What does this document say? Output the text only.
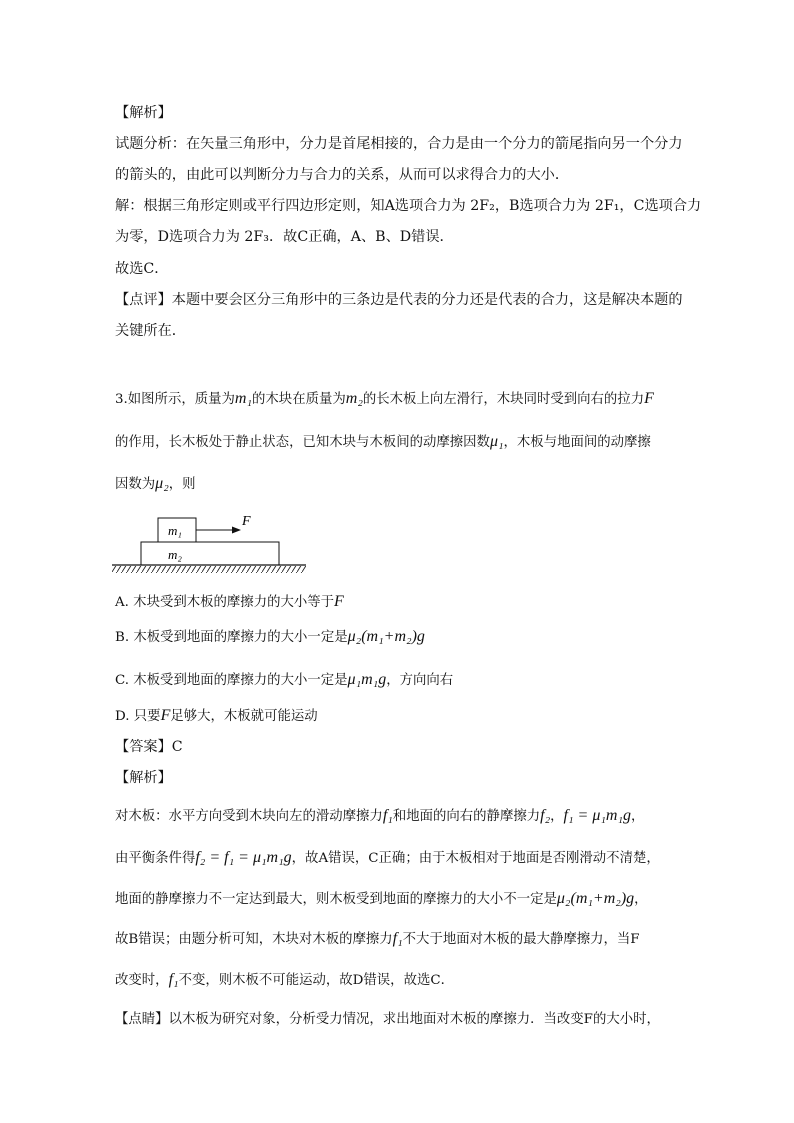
【解析】
试题分析：在矢量三角形中，分力是首尾相接的，合力是由一个分力的箭尾指向另一个分力
的箭头的，由此可以判断分力与合力的关系，从而可以求得合力的大小．
解：根据三角形定则或平行四边形定则，知A选项合力为 2F₂，B选项合力为 2F₁，C选项合力
为零，D选项合力为 2F₃．故C正确，A、B、D错误．
故选C．
【点评】本题中要会区分三角形中的三条边是代表的分力还是代表的合力，这是解决本题的
关键所在．
3.如图所示，质量为m₁的木块在质量为m₂的长木板上向左滑行，木块同时受到向右的拉力F
的作用，长木板处于静止状态，已知木块与木板间的动摩擦因数μ₁，木板与地面间的动摩擦
因数为μ₂，则
m₁
F
m₂
A. 木块受到木板的摩擦力的大小等于F
B. 木板受到地面的摩擦力的大小一定是μ₂(m₁+m₂)g
C. 木板受到地面的摩擦力的大小一定是μ₁m₁g，方向向右
D. 只要F足够大，木板就可能运动
【答案】C
【解析】
对木板：水平方向受到木块向左的滑动摩擦力f₁和地面的向右的静摩擦力f₂，f₁ = μ₁m₁g，
由平衡条件得f₂ = f₁ = μ₁m₁g，故A错误，C正确；由于木板相对于地面是否刚滑动不清楚，
地面的静摩擦力不一定达到最大，则木板受到地面的摩擦力的大小不一定是μ₂(m₁+m₂)g，
故B错误；由题分析可知，木块对木板的摩擦力f₁不大于地面对木板的最大静摩擦力，当F
改变时，f₁不变，则木板不可能运动，故D错误，故选C．
【点睛】以木板为研究对象，分析受力情况，求出地面对木板的摩擦力．当改变F的大小时，
